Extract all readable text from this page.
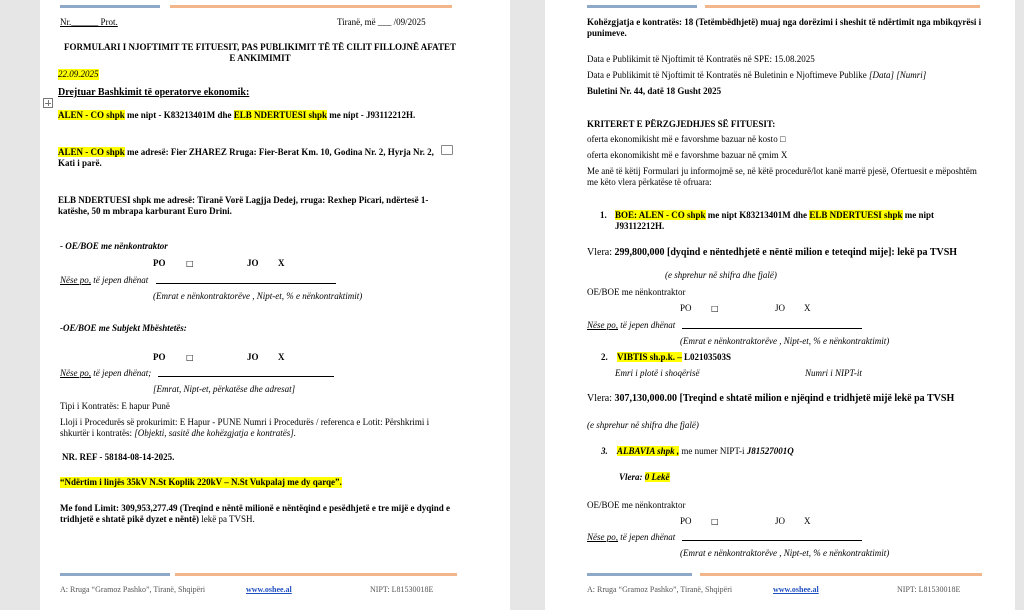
Nr.______ Prot.	Tiranë, më ___ /09/2025
FORMULARI I NJOFTIMIT TE FITUESIT, PAS PUBLIKIMIT TË TË CILIT FILLOJNË AFATET E ANKIMIMIT
22.09.2025
Drejtuar Bashkimit të operatorve ekonomik:
ALEN - CO shpk me nipt - K83213401M dhe ELB NDERTUESI shpk me nipt - J93112212H.
ALEN - CO shpk me adresë: Fier ZHAREZ Rruga: Fier-Berat Km. 10, Godina Nr. 2, Hyrja Nr. 2, Kati i parë.
ELB NDERTUESI shpk me adresë: Tiranë Vorë Lagjja Dedej, rruga: Rexhep Picari, ndërtesë 1-katëshe, 50 m mbrapa karburant Euro Drini.
- OE/BOE me nënkontraktor
PO	□	JO X
Nëse po, të jepen dhënat
(Emrat e nënkontraktorëve , Nipt-et, % e nënkontraktimit)
-OE/BOE me Subjekt Mbështetës:
PO	□	JO X
Nëse po, të jepen dhënat;
[Emrat, Nipt-et, përkatëse dhe adresat]
Tipi i Kontratës: E hapur Punë
Lloji i Procedurës së prokurimit: E Hapur - PUNE Numri i Procedurës / referenca e Lotit: Përshkrimi i shkurtër i kontratës: [Objekti, sasitë dhe kohëzgjatja e kontratës].
NR. REF - 58184-08-14-2025.
“Ndërtim i linjës 35kV N.St Koplik 220kV – N.St Vukpalaj me dy qarqe”.
Me fond Limit: 309,953,277.49 (Treqind e nëntë milionë e nëntëqind e pesëdhjetë e tre mijë e dyqind e tridhjetë e shtatë pikë dyzet e nëntë) lekë pa TVSH.
A: Rruga “Gramoz Pashko”, Tiranë, Shqipëri	www.oshee.al	NIPT: L81530018E
Kohëzgjatja e kontratës: 18 (Tetëmbëdhjetë) muaj nga dorëzimi i sheshit të ndërtimit nga mbikqyrësi i punimeve.
Data e Publikimit të Njoftimit të Kontratës në SPE: 15.08.2025
Data e Publikimit të Njoftimit të Kontratës në Buletinin e Njoftimeve Publike [Data] [Numri]
Buletini Nr. 44, datë 18 Gusht 2025
KRITERET E PËRZGJEDHJES SË FITUESIT:
oferta ekonomikisht më e favorshme bazuar në kosto □
oferta ekonomikisht më e favorshme bazuar në çmim X
Me anë të këtij Formulari ju informojmë se, në këtë procedurë/lot kanë marrë pjesë, Ofertuesit e mëposhtëm me këto vlera përkatëse të ofruara:
1. BOE: ALEN - CO shpk me nipt K83213401M dhe ELB NDERTUESI shpk me nipt J93112212H.
Vlera: 299,800,000 [dyqind e nëntedhjetë e nëntë milion e teteqind mije]: lekë pa TVSH
(e shprehur në shifra dhe fjalë)
OE/BOE me nënkontraktor
PO □	JO X
Nëse po, të jepen dhënat
(Emrat e nënkontraktorëve , Nipt-et, % e nënkontraktimit)
2. VIBTIS sh.p.k. – L02103503S
Emri i plotë i shoqërisë	Numri i NIPT-it
Vlera: 307,130,000.00 [Treqind e shtatë milion e njëqind e tridhjetë mijë lekë pa TVSH
(e shprehur në shifra dhe fjalë)
3. ALBAVIA shpk , me numer NIPT-i J81527001Q
Vlera: 0 Lekë
OE/BOE me nënkontraktor
PO □	JO X
Nëse po, të jepen dhënat
(Emrat e nënkontraktorëve , Nipt-et, % e nënkontraktimit)
A: Rruga “Gramoz Pashko”, Tiranë, Shqipëri	www.oshee.al	NIPT: L81530018E
